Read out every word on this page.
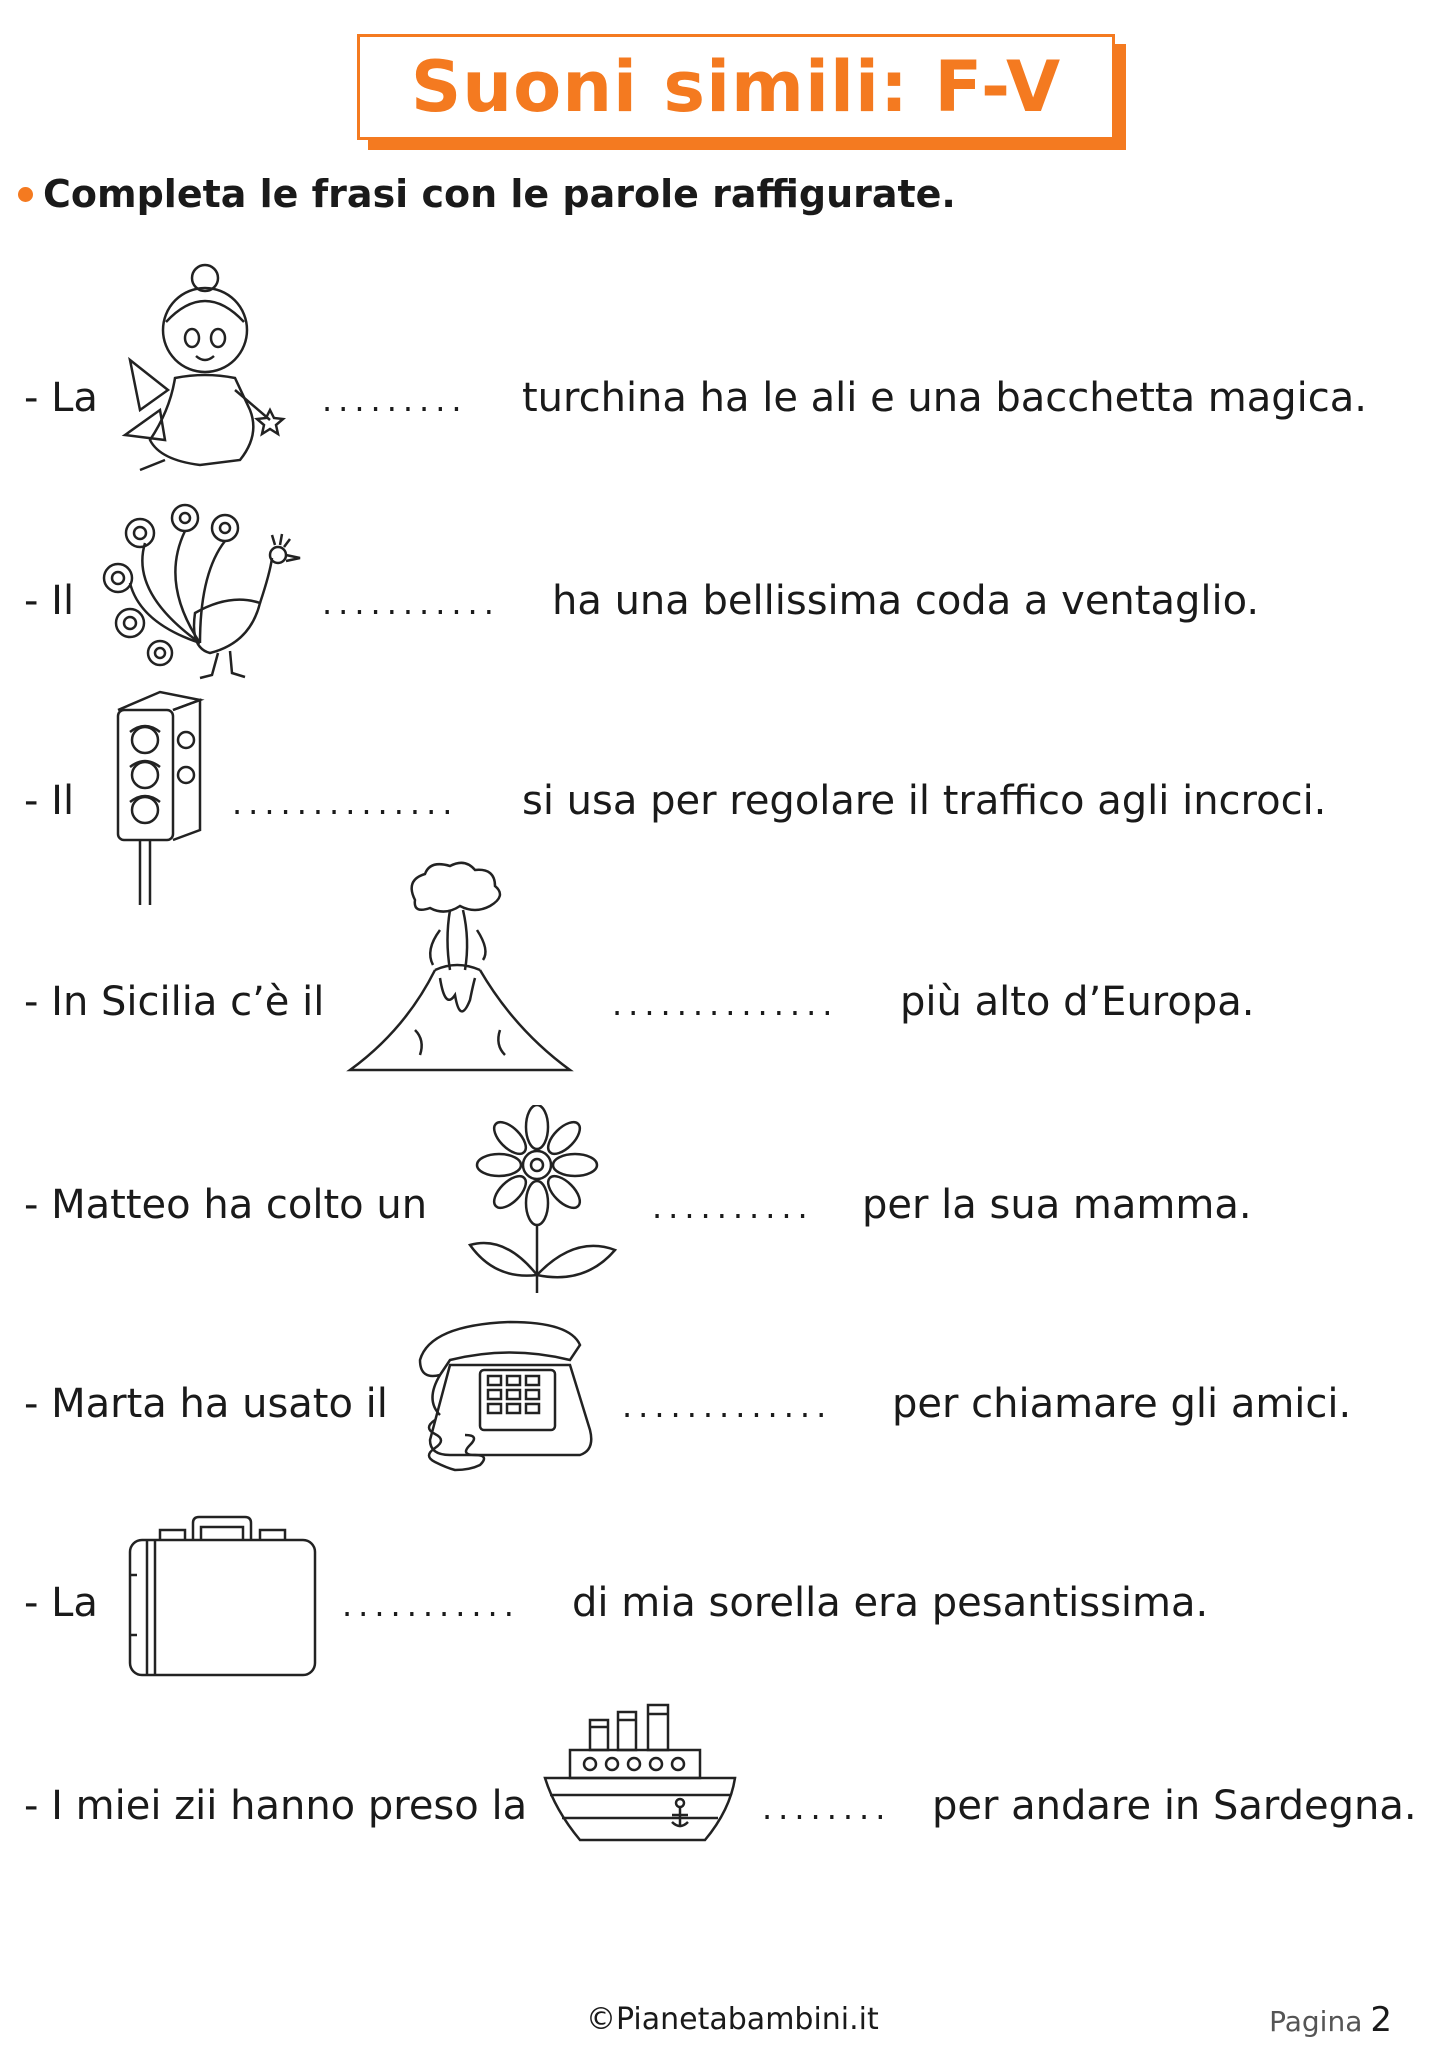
Suoni simili: F-V
Completa le frasi con le parole raffigurate.
- La	......... turchina ha le ali e una bacchetta magica.
- Il	........... ha una bellissima coda a ventaglio.
- Il	.............. si usa per regolare il traffico agli incroci.
- In Sicilia c’è il	.............. più alto d’Europa.
- Matteo ha colto un	.......... per la sua mamma.
- Marta ha usato il	............. per chiamare gli amici.
- La	........... di mia sorella era pesantissima.
- I miei zii hanno preso la	........ per andare in Sardegna.
©Pianetabambini.it	Pagina 2
